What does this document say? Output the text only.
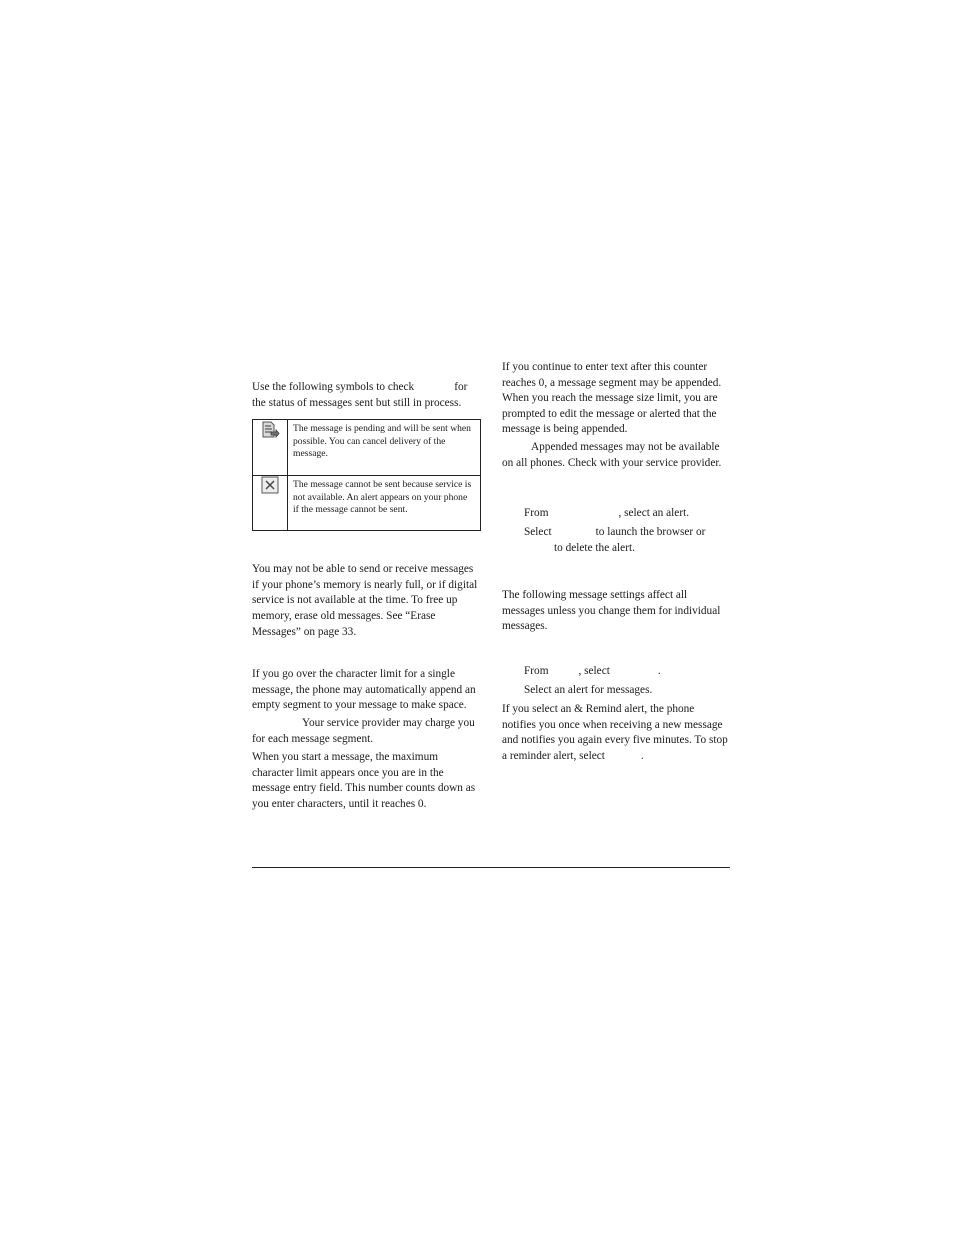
Use the following symbols to check	for the status of messages sent but still in process.

	The message is pending and will be sent when possible. You can cancel delivery of the message.
	The message cannot be sent because service is not available. An alert appears on your phone if the message cannot be sent.

You may not be able to send or receive messages if your phone’s memory is nearly full, or if digital service is not available at the time. To free up memory, erase old messages. See “Erase Messages” on page 33.

If you go over the character limit for a single message, the phone may automatically append an empty segment to your message to make space.

Your service provider may charge you for each message segment.

When you start a message, the maximum character limit appears once you are in the message entry field. This number counts down as you enter characters, until it reaches 0.

If you continue to enter text after this counter reaches 0, a message segment may be appended. When you reach the message size limit, you are prompted to edit the message or alerted that the message is being appended.

Appended messages may not be available on all phones. Check with your service provider.

From	, select an alert.
Select	to launch the browser or
to delete the alert.

The following message settings affect all messages unless you change them for individual messages.

From	, select	.
Select an alert for messages.

If you select an & Remind alert, the phone notifies you once when receiving a new message and notifies you again every five minutes. To stop a reminder alert, select	.
